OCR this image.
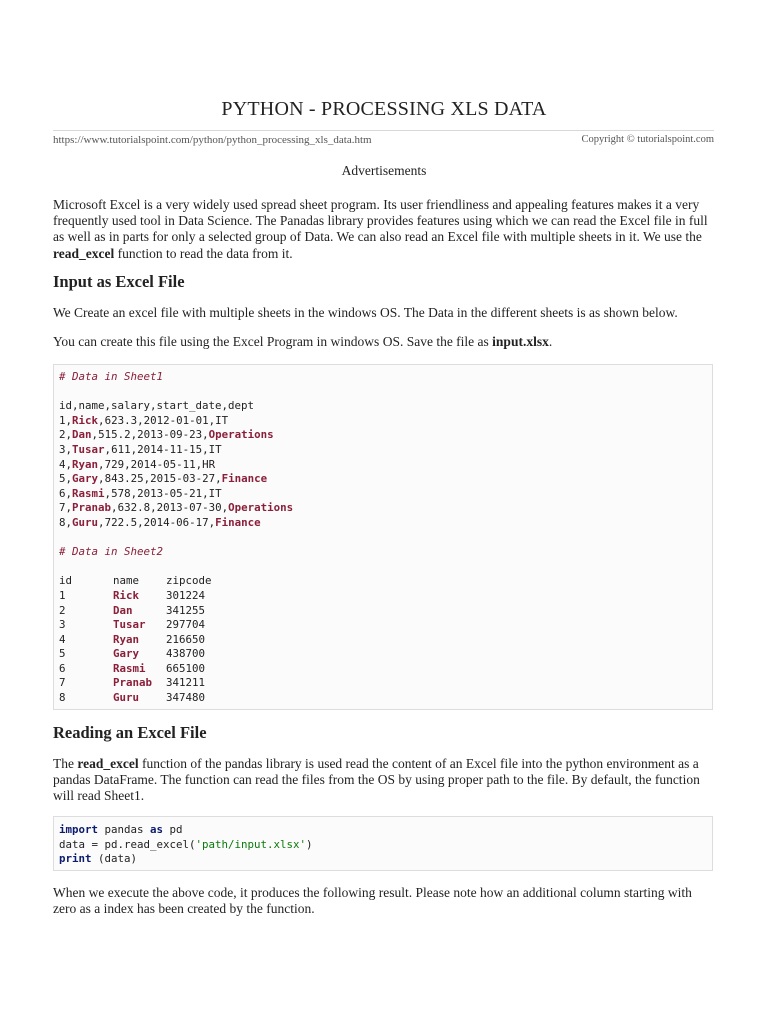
PYTHON - PROCESSING XLS DATA
https://www.tutorialspoint.com/python/python_processing_xls_data.htm	Copyright © tutorialspoint.com
Advertisements
Microsoft Excel is a very widely used spread sheet program. Its user friendliness and appealing features makes it a very frequently used tool in Data Science. The Panadas library provides features using which we can read the Excel file in full as well as in parts for only a selected group of Data. We can also read an Excel file with multiple sheets in it. We use the read_excel function to read the data from it.
Input as Excel File
We Create an excel file with multiple sheets in the windows OS. The Data in the different sheets is as shown below.
You can create this file using the Excel Program in windows OS. Save the file as input.xlsx.
# Data in Sheet1
id,name,salary,start_date,dept
1,Rick,623.3,2012-01-01,IT
2,Dan,515.2,2013-09-23,Operations
3,Tusar,611,2014-11-15,IT
4,Ryan,729,2014-05-11,HR
5,Gary,843.25,2015-03-27,Finance
6,Rasmi,578,2013-05-21,IT
7,Pranab,632.8,2013-07-30,Operations
8,Guru,722.5,2014-06-17,Finance
# Data in Sheet2
id	name	zipcode
1	Rick	301224
2	Dan	341255
3	Tusar	297704
4	Ryan	216650
5	Gary	438700
6	Rasmi	665100
7	Pranab	341211
8	Guru	347480
Reading an Excel File
The read_excel function of the pandas library is used read the content of an Excel file into the python environment as a pandas DataFrame. The function can read the files from the OS by using proper path to the file. By default, the function will read Sheet1.
import pandas as pd
data = pd.read_excel('path/input.xlsx')
print (data)
When we execute the above code, it produces the following result. Please note how an additional column starting with zero as a index has been created by the function.
